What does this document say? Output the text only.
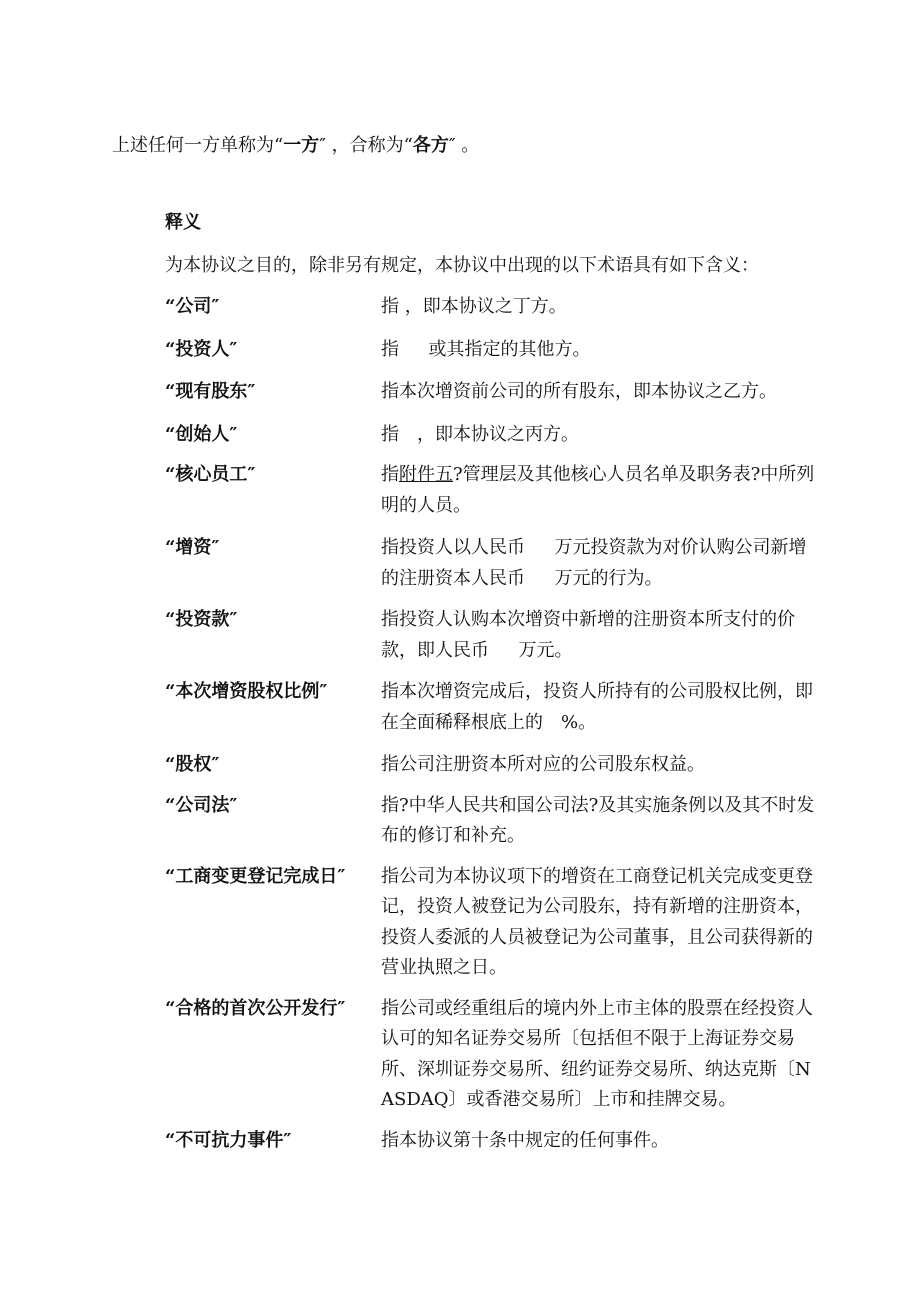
上述任何一方单称为“一方″ ，合称为“各方″ 。
释义
为本协议之目的，除非另有规定，本协议中出现的以下术语具有如下含义：
“公司″	指 ，即本协议之丁方。
“投资人″	指　  或其指定的其他方。
“现有股东″	指本次增资前公司的所有股东，即本协议之乙方。
“创始人″	指　，即本协议之丙方。
“核心员工″	指附件五?管理层及其他核心人员名单及职务表?中所列明的人员。
“增资″	指投资人以人民币　  万元投资款为对价认购公司新增的注册资本人民币　  万元的行为。
“投资款″	指投资人认购本次增资中新增的注册资本所支付的价款，即人民币　  万元。
“本次增资股权比例″	指本次增资完成后，投资人所持有的公司股权比例，即在全面稀释根底上的　%。
“股权″	指公司注册资本所对应的公司股东权益。
“公司法″	指?中华人民共和国公司法?及其实施条例以及其不时发布的修订和补充。
“工商变更登记完成日″	指公司为本协议项下的增资在工商登记机关完成变更登记，投资人被登记为公司股东，持有新增的注册资本，投资人委派的人员被登记为公司董事，且公司获得新的营业执照之日。
“合格的首次公开发行″	指公司或经重组后的境内外上市主体的股票在经投资人认可的知名证券交易所〔包括但不限于上海证券交易所、深圳证券交易所、纽约证券交易所、纳达克斯〔NASDAQ〕或香港交易所〕上市和挂牌交易。
“不可抗力事件″	指本协议第十条中规定的任何事件。
